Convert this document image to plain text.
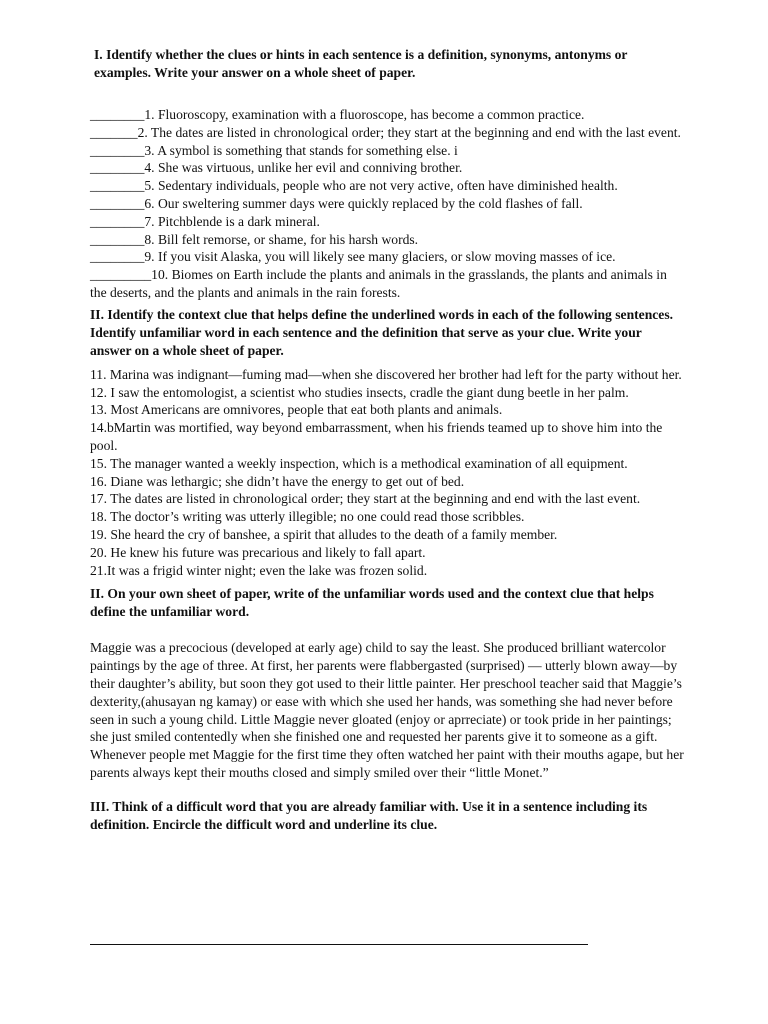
I. Identify whether the clues or hints in each sentence is a definition, synonyms, antonyms or examples. Write your answer on a whole sheet of paper.

________1. Fluoroscopy, examination with a fluoroscope, has become a common practice.

_______2. The dates are listed in chronological order; they start at the beginning and end with the last event.

________3. A symbol is something that stands for something else. i

________4. She was virtuous, unlike her evil and conniving brother.

________5. Sedentary individuals, people who are not very active, often have diminished health.

________6. Our sweltering summer days were quickly replaced by the cold flashes of fall.

________7. Pitchblende is a dark mineral.

________8. Bill felt remorse, or shame, for his harsh words.

________9. If you visit Alaska, you will likely see many glaciers, or slow moving masses of ice.

_________10. Biomes on Earth include the plants and animals in the grasslands, the plants and animals in the deserts, and the plants and animals in the rain forests.

II. Identify the context clue that helps define the underlined words in each of the following sentences. Identify unfamiliar word in each sentence and the definition that serve as your clue. Write your answer on a whole sheet of paper.

11. Marina was indignant—fuming mad—when she discovered her brother had left for the party without her.

12. I saw the entomologist, a scientist who studies insects, cradle the giant dung beetle in her palm.

13. Most Americans are omnivores, people that eat both plants and animals.

14.bMartin was mortified, way beyond embarrassment, when his friends teamed up to shove him into the pool.

15. The manager wanted a weekly inspection, which is a methodical examination of all equipment.

16. Diane was lethargic; she didn’t have the energy to get out of bed.

17. The dates are listed in chronological order; they start at the beginning and end with the last event.

18. The doctor’s writing was utterly illegible; no one could read those scribbles.

19. She heard the cry of banshee, a spirit that alludes to the death of a family member.

20. He knew his future was precarious and likely to fall apart.

21.It was a frigid winter night; even the lake was frozen solid.

II. On your own sheet of paper, write of the unfamiliar words used and the context clue that helps define the unfamiliar word.

Maggie was a precocious (developed at early age) child to say the least. She produced brilliant watercolor paintings by the age of three. At first, her parents were flabbergasted (surprised) — utterly blown away—by their daughter’s ability, but soon they got used to their little painter. Her preschool teacher said that Maggie’s dexterity,(ahusayan ng kamay) or ease with which she used her hands, was something she had never before seen in such a young child. Little Maggie never gloated (enjoy or aprreciate) or took pride in her paintings; she just smiled contentedly when she finished one and requested her parents give it to someone as a gift. Whenever people met Maggie for the first time they often watched her paint with their mouths agape, but her parents always kept their mouths closed and simply smiled over their “little Monet.”

III. Think of a difficult word that you are already familiar with. Use it in a sentence including its definition. Encircle the difficult word and underline its clue.
